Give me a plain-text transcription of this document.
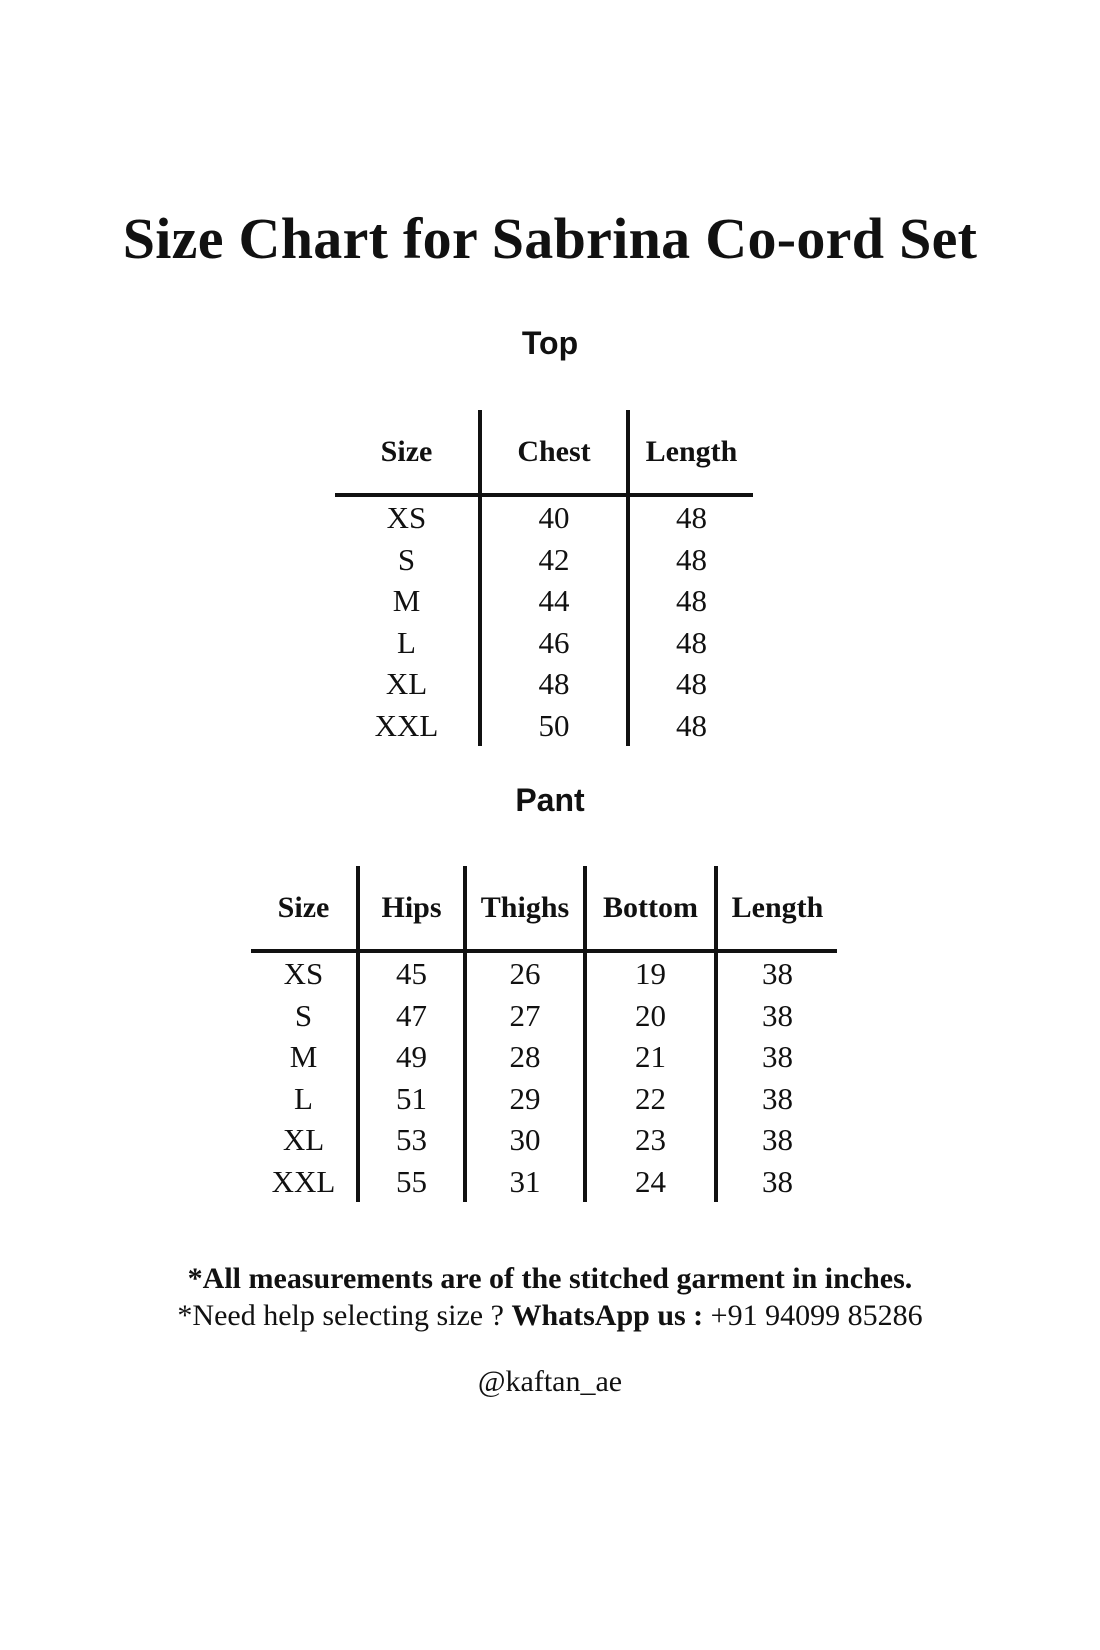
Size Chart for Sabrina Co-ord Set
Top
Size	Chest	Length
XS	40	48
S	42	48
M	44	48
L	46	48
XL	48	48
XXL	50	48
Pant
Size	Hips	Thighs	Bottom	Length
XS	45	26	19	38
S	47	27	20	38
M	49	28	21	38
L	51	29	22	38
XL	53	30	23	38
XXL	55	31	24	38
*All measurements are of the stitched garment in inches.
*Need help selecting size ? WhatsApp us : +91 94099 85286
@kaftan_ae
